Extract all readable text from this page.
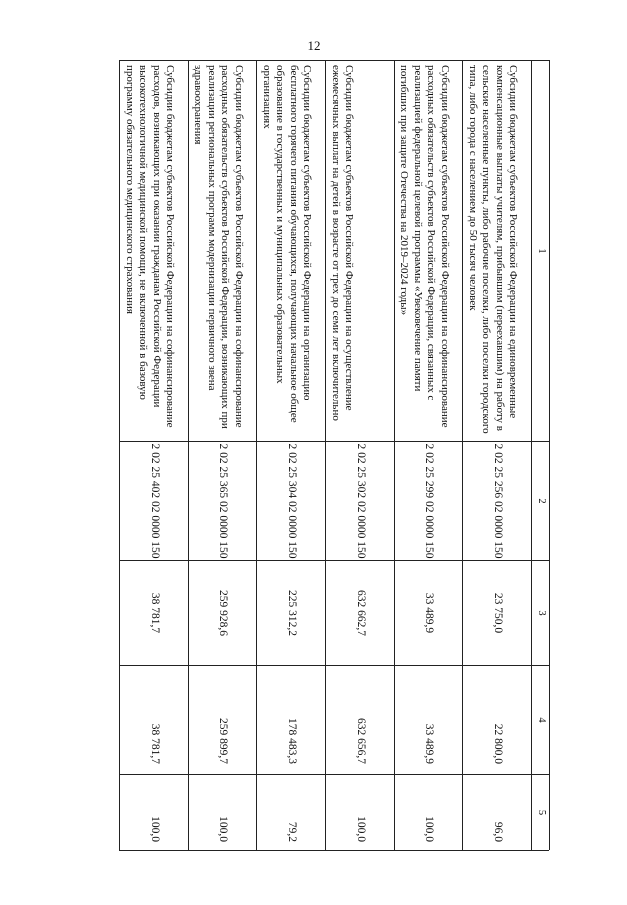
12
1
2
3
4
5
Субсидии бюджетам субъектов Российской Федерации на единовременные компенсационные выплаты учителям, прибывшим (переехавшим) на работу в сельские населенные пункты, либо рабочие поселки, либо поселки городского типа, либо города с населением до 50 тысяч человек
2 02 25 256 02 0000 150
23 750,0
22 800,0
96,0
Субсидии бюджетам субъектов Российской Федерации на софинансирование расходных обязательств субъектов Российской Федерации, связанных с реализацией федеральной целевой программы «Увековечение памяти погибших при защите Отечества на 2019–2024 годы»
2 02 25 299 02 0000 150
33 489,9
33 489,9
100,0
Субсидии бюджетам субъектов Российской Федерации на осуществление ежемесячных выплат на детей в возрасте от трех до семи лет включительно
2 02 25 302 02 0000 150
632 662,7
632 656,7
100,0
Субсидии бюджетам субъектов Российской Федерации на организацию бесплатного горячего питания обучающихся, получающих начальное общее образование в государственных и муниципальных образовательных организациях
2 02 25 304 02 0000 150
225 312,2
178 483,3
79,2
Субсидии бюджетам субъектов Российской Федерации на софинансирование расходных обязательств субъектов Российской Федерации, возникающих при реализации региональных программ модернизации первичного звена здравоохранения
2 02 25 365 02 0000 150
259 928,6
259 899,7
100,0
Субсидии бюджетам субъектов Российской Федерации на софинансирование расходов, возникающих при оказании гражданам Российской Федерации высокотехнологичной медицинской помощи, не включенной в базовую программу обязательного медицинского страхования
2 02 25 402 02 0000 150
38 781,7
38 781,7
100,0
